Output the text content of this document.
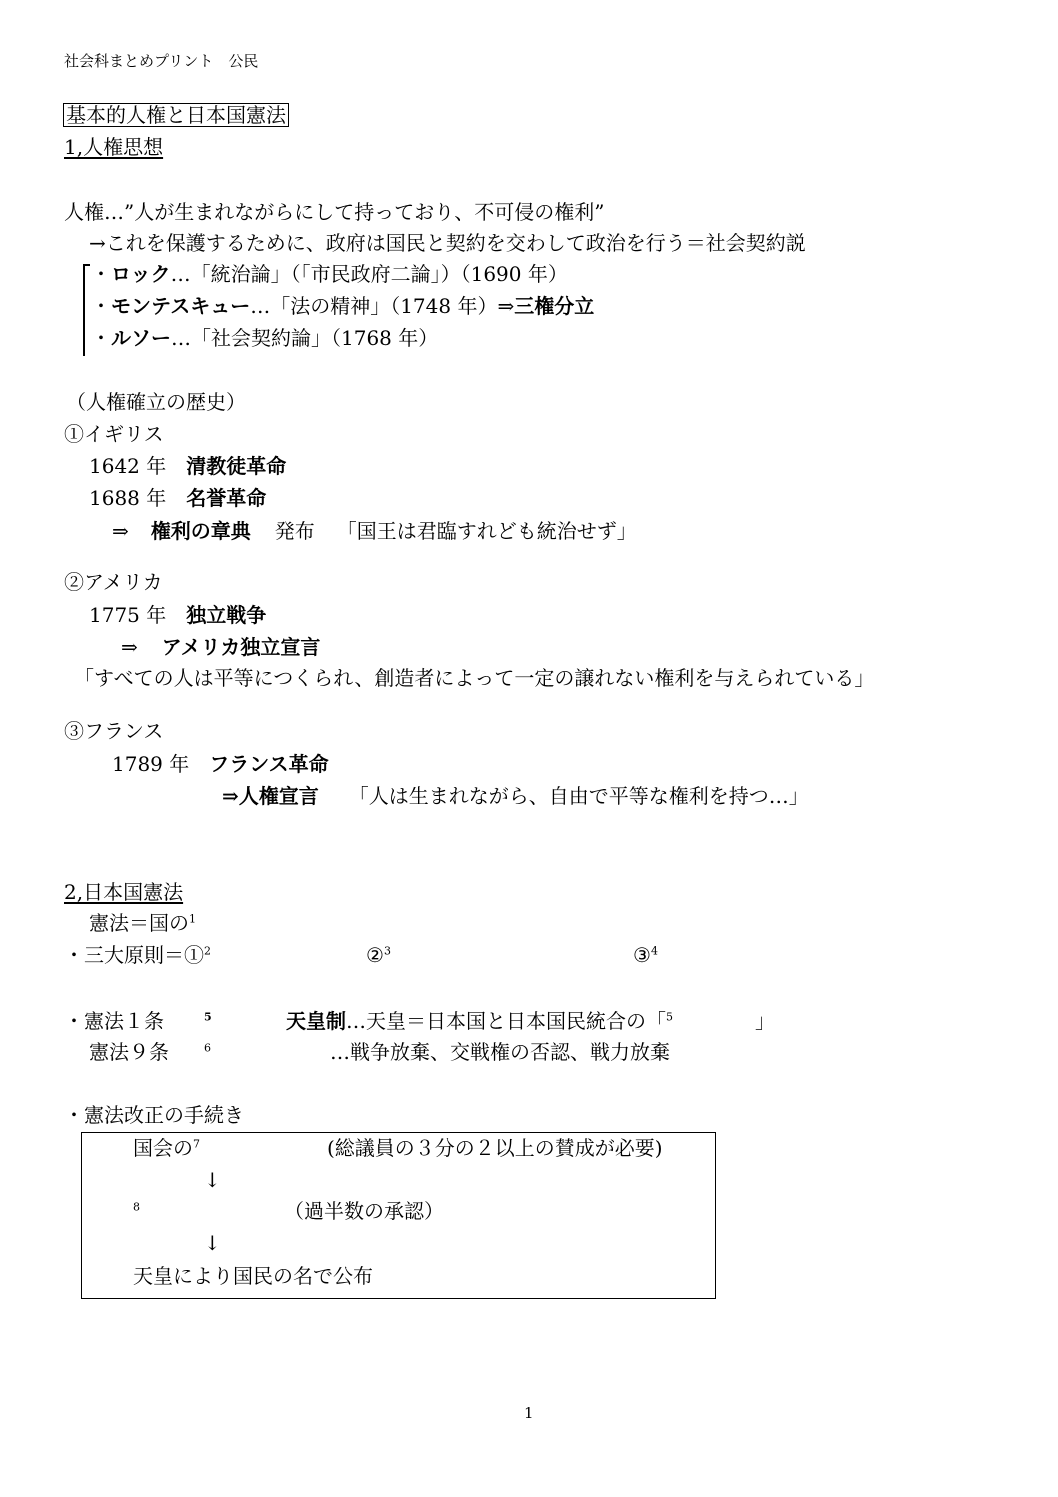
社会科まとめプリント　公民
基本的人権と日本国憲法
1,人権思想
人権…”人が生まれながらにして持っており、不可侵の権利”
→これを保護するために、政府は国民と契約を交わして政治を行う＝社会契約説
・ロック…「統治論」（「市民政府二論」）（1690 年）
・モンテスキュー…「法の精神」（1748 年）⇒三権分立
・ルソー…「社会契約論」（1768 年）
（人権確立の歴史）
①イギリス
1642 年 清教徒革命
1688 年 名誉革命
⇒ 権利の章典 発布 「国王は君臨すれども統治せず」
②アメリカ
1775 年 独立戦争
⇒ アメリカ独立宣言
「すべての人は平等につくられ、創造者によって一定の譲れない権利を与えられている」
③フランス
1789 年 フランス革命
⇒人権宣言 「人は生まれながら、自由で平等な権利を持つ…」
2,日本国憲法
憲法＝国の$^1$
・三大原則＝①$^2$	②$^3$	③$^4$
・憲法１条	$^5$	天皇制…天皇＝日本国と日本国民統合の「$^5$	」
憲法９条	$^6$	…戦争放棄、交戦権の否認、戦力放棄
・憲法改正の手続き
国会の$^7$	(総議員の３分の２以上の賛成が必要)
↓
$^8$	（過半数の承認）
↓
天皇により国民の名で公布
1
